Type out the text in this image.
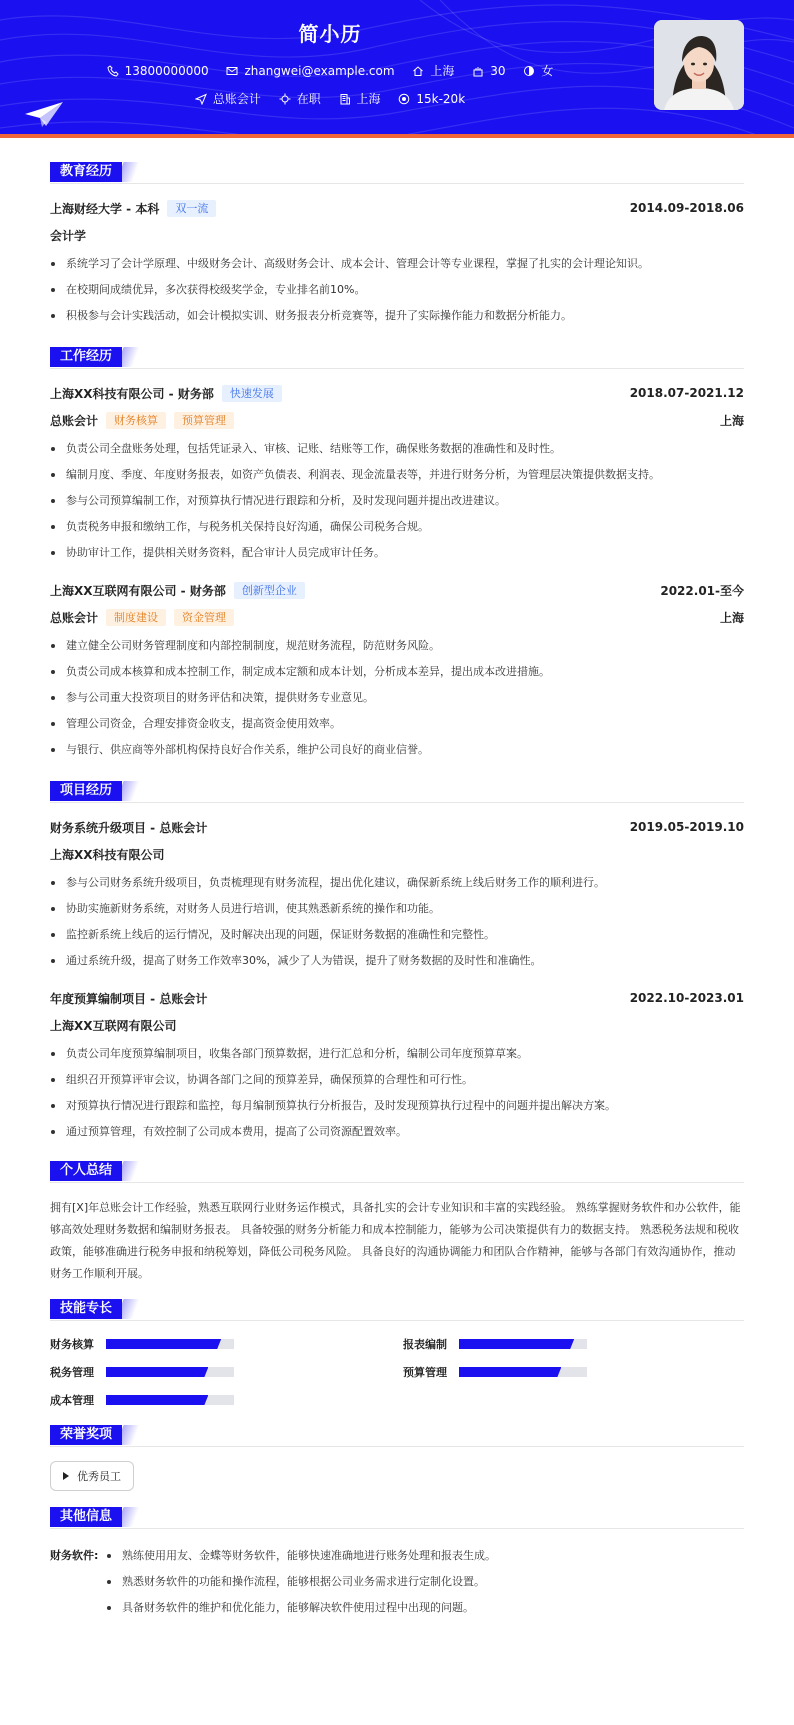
简小历
13800000000	zhangwei@example.com	上海	30	女
总账会计	在职	上海	15k-20k
教育经历
上海财经大学 - 本科	双一流	2014.09-2018.06
会计学
系统学习了会计学原理、中级财务会计、高级财务会计、成本会计、管理会计等专业课程，掌握了扎实的会计理论知识。
在校期间成绩优异，多次获得校级奖学金，专业排名前10%。
积极参与会计实践活动，如会计模拟实训、财务报表分析竞赛等，提升了实际操作能力和数据分析能力。
工作经历
上海XX科技有限公司 - 财务部	快速发展	2018.07-2021.12
总账会计	财务核算	预算管理	上海
负责公司全盘账务处理，包括凭证录入、审核、记账、结账等工作，确保账务数据的准确性和及时性。
编制月度、季度、年度财务报表，如资产负债表、利润表、现金流量表等，并进行财务分析，为管理层决策提供数据支持。
参与公司预算编制工作，对预算执行情况进行跟踪和分析，及时发现问题并提出改进建议。
负责税务申报和缴纳工作，与税务机关保持良好沟通，确保公司税务合规。
协助审计工作，提供相关财务资料，配合审计人员完成审计任务。
上海XX互联网有限公司 - 财务部	创新型企业	2022.01-至今
总账会计	制度建设	资金管理	上海
建立健全公司财务管理制度和内部控制制度，规范财务流程，防范财务风险。
负责公司成本核算和成本控制工作，制定成本定额和成本计划，分析成本差异，提出成本改进措施。
参与公司重大投资项目的财务评估和决策，提供财务专业意见。
管理公司资金，合理安排资金收支，提高资金使用效率。
与银行、供应商等外部机构保持良好合作关系，维护公司良好的商业信誉。
项目经历
财务系统升级项目 - 总账会计	2019.05-2019.10
上海XX科技有限公司
参与公司财务系统升级项目，负责梳理现有财务流程，提出优化建议，确保新系统上线后财务工作的顺利进行。
协助实施新财务系统，对财务人员进行培训，使其熟悉新系统的操作和功能。
监控新系统上线后的运行情况，及时解决出现的问题，保证财务数据的准确性和完整性。
通过系统升级，提高了财务工作效率30%，减少了人为错误，提升了财务数据的及时性和准确性。
年度预算编制项目 - 总账会计	2022.10-2023.01
上海XX互联网有限公司
负责公司年度预算编制项目，收集各部门预算数据，进行汇总和分析，编制公司年度预算草案。
组织召开预算评审会议，协调各部门之间的预算差异，确保预算的合理性和可行性。
对预算执行情况进行跟踪和监控，每月编制预算执行分析报告，及时发现预算执行过程中的问题并提出解决方案。
通过预算管理，有效控制了公司成本费用，提高了公司资源配置效率。
个人总结
拥有[X]年总账会计工作经验，熟悉互联网行业财务运作模式，具备扎实的会计专业知识和丰富的实践经验。 熟练掌握财务软件和办公软件，能够高效处理财务数据和编制财务报表。 具备较强的财务分析能力和成本控制能力，能够为公司决策提供有力的数据支持。 熟悉税务法规和税收政策，能够准确进行税务申报和纳税筹划，降低公司税务风险。 具备良好的沟通协调能力和团队合作精神，能够与各部门有效沟通协作，推动财务工作顺利开展。
技能专长
财务核算	报表编制
税务管理	预算管理
成本管理
荣誉奖项
优秀员工
其他信息
财务软件:	熟练使用用友、金蝶等财务软件，能够快速准确地进行账务处理和报表生成。
熟悉财务软件的功能和操作流程，能够根据公司业务需求进行定制化设置。
具备财务软件的维护和优化能力，能够解决软件使用过程中出现的问题。
